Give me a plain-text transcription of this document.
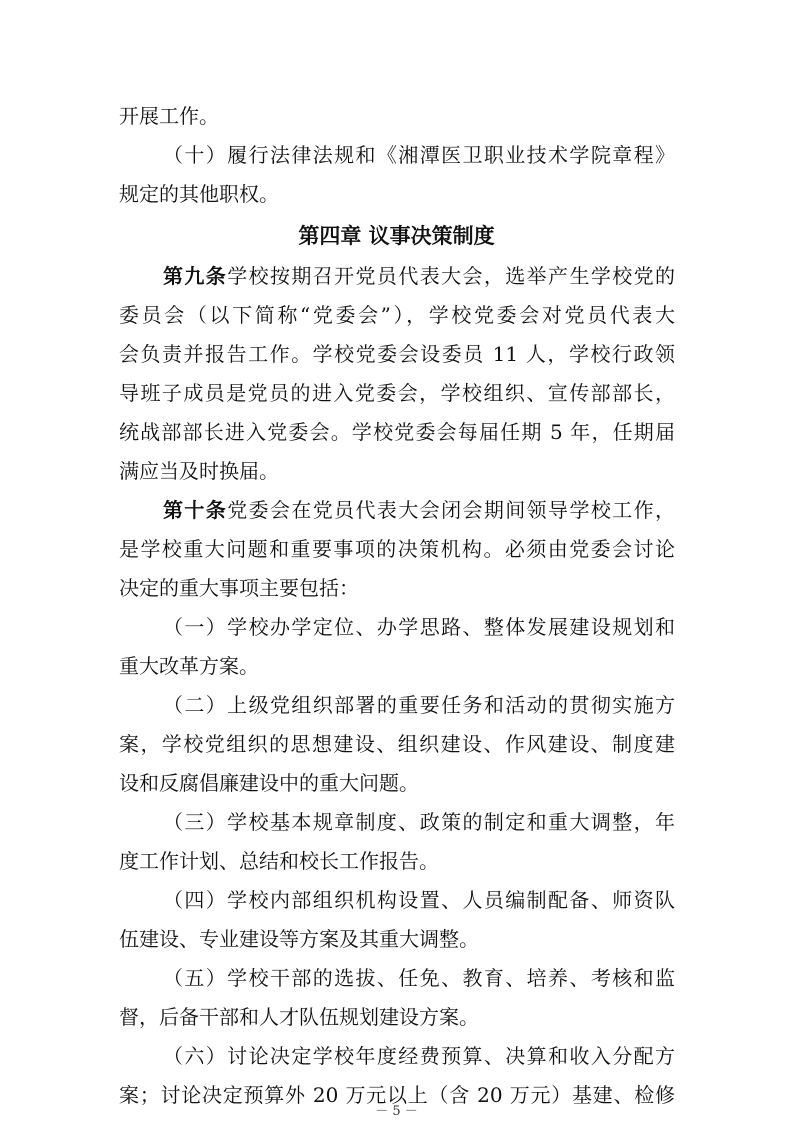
开展工作。
（十）履行法律法规和《湘潭医卫职业技术学院章程》
规定的其他职权。
第四章 议事决策制度
第九条学校按期召开党员代表大会，选举产生学校党的
委员会（以下简称“党委会”），学校党委会对党员代表大
会负责并报告工作。学校党委会设委员 11 人，学校行政领
导班子成员是党员的进入党委会，学校组织、宣传部部长，
统战部部长进入党委会。学校党委会每届任期 5 年，任期届
满应当及时换届。
第十条党委会在党员代表大会闭会期间领导学校工作，
是学校重大问题和重要事项的决策机构。必须由党委会讨论
决定的重大事项主要包括：
（一）学校办学定位、办学思路、整体发展建设规划和
重大改革方案。
（二）上级党组织部署的重要任务和活动的贯彻实施方
案，学校党组织的思想建设、组织建设、作风建设、制度建
设和反腐倡廉建设中的重大问题。
（三）学校基本规章制度、政策的制定和重大调整，年
度工作计划、总结和校长工作报告。
（四）学校内部组织机构设置、人员编制配备、师资队
伍建设、专业建设等方案及其重大调整。
（五）学校干部的选拔、任免、教育、培养、考核和监
督，后备干部和人才队伍规划建设方案。
（六）讨论决定学校年度经费预算、决算和收入分配方
案；讨论决定预算外 20 万元以上（含 20 万元）基建、检修
－ 5 －
